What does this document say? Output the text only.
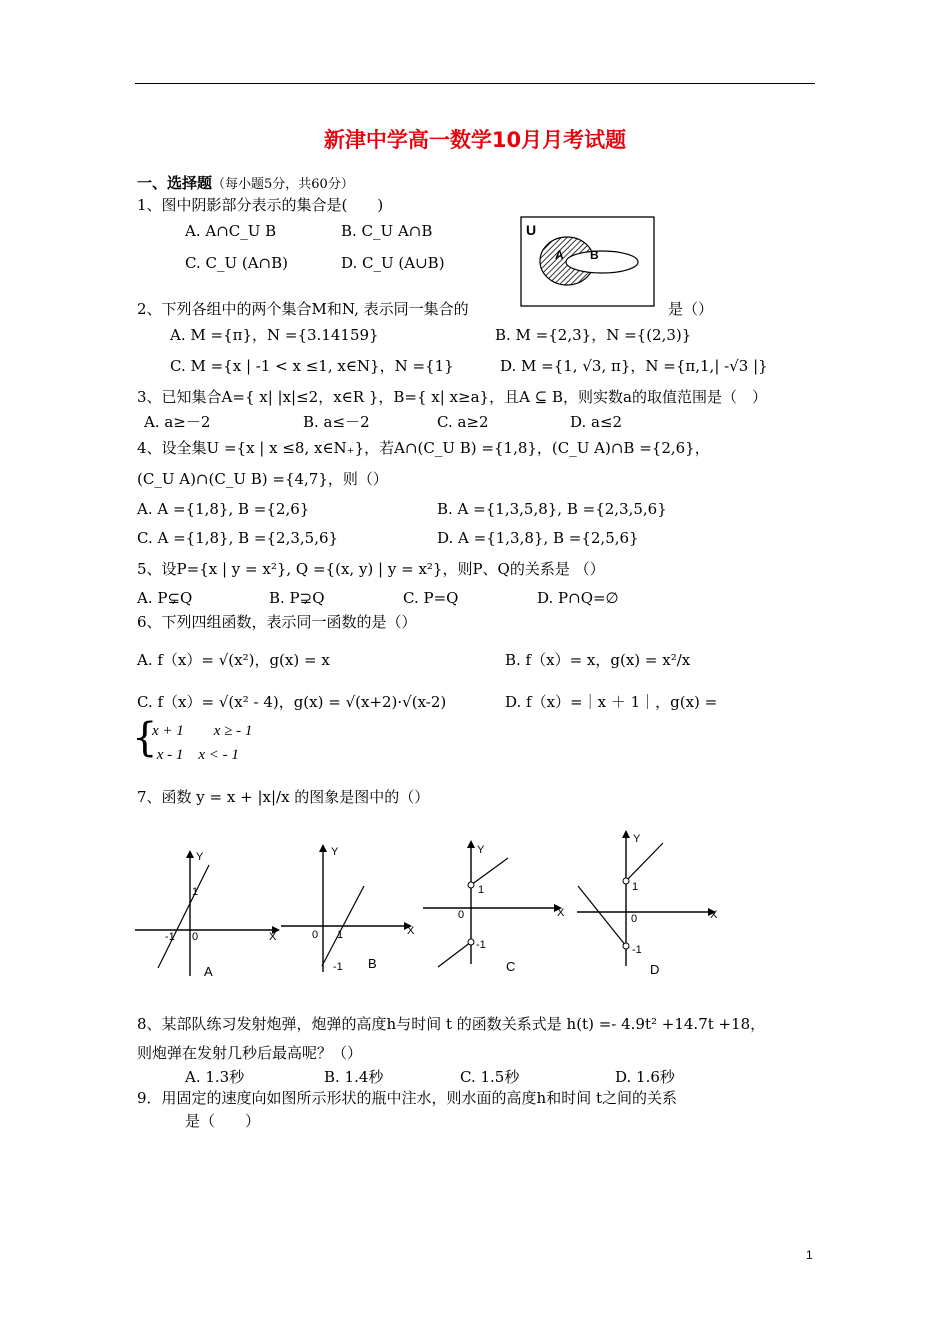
新津中学高一数学10月月考试题
一、选择题（每小题5分，共60分）
1、图中阴影部分表示的集合是(　　)
A. A∩C_U B	B. C_U A∩B
C. C_U (A∩B)	D. C_U (A∪B)
U
A B
2、下列各组中的两个集合M和N, 表示同一集合的	是（）
A. M ={π}，N ={3.14159}	B. M ={2,3}，N ={(2,3)}
C. M ={x | -1 < x ≤1, x∈N}，N ={1}	D. M ={1, √3, π}，N ={π,1,| -√3 |}
3、已知集合A={ x| |x|≤2，x∈R }，B={ x| x≥a}，且A ⊆ B，则实数a的取值范围是（　）
A. a≥－2	B. a≤－2	C. a≥2	D. a≤2
4、设全集U ={x | x ≤8, x∈N₊}，若A∩(C_U B) ={1,8}，(C_U A)∩B ={2,6}，
(C_U A)∩(C_U B) ={4,7}，则（）
A. A ={1,8}, B ={2,6}	B. A ={1,3,5,8}, B ={2,3,5,6}
C. A ={1,8}, B ={2,3,5,6}	D. A ={1,3,8}, B ={2,5,6}
5、设P={x | y = x²}, Q ={(x, y) | y = x²}，则P、Q的关系是 （）
A. P⊊Q	B. P⊋Q	C. P=Q	D. P∩Q=∅
6、下列四组函数，表示同一函数的是（）
A. f（x）= √(x²)，g(x) = x	B. f（x）= x，g(x) = x²/x
C. f（x）= √(x² - 4)，g(x) = √(x+2)·√(x-2)	D. f（x）=｜x ＋ 1｜，g(x) =
{
x + 1　　x ≥ - 1
- x - 1　x < - 1
7、函数 y = x + |x|/x 的图象是图中的（）
Y
X
0
1
-1
A
Y
X
0 1
-1 B
Y
X
0
1
-1
C
Y
X
0
1
-1
D
8、某部队练习发射炮弹，炮弹的高度h与时间 t 的函数关系式是 h(t) =- 4.9t² +14.7t +18，
则炮弹在发射几秒后最高呢？（）
A. 1.3秒	B. 1.4秒	C. 1.5秒	D. 1.6秒
9．用固定的速度向如图所示形状的瓶中注水，则水面的高度h和时间 t之间的关系
是（　　）
1
